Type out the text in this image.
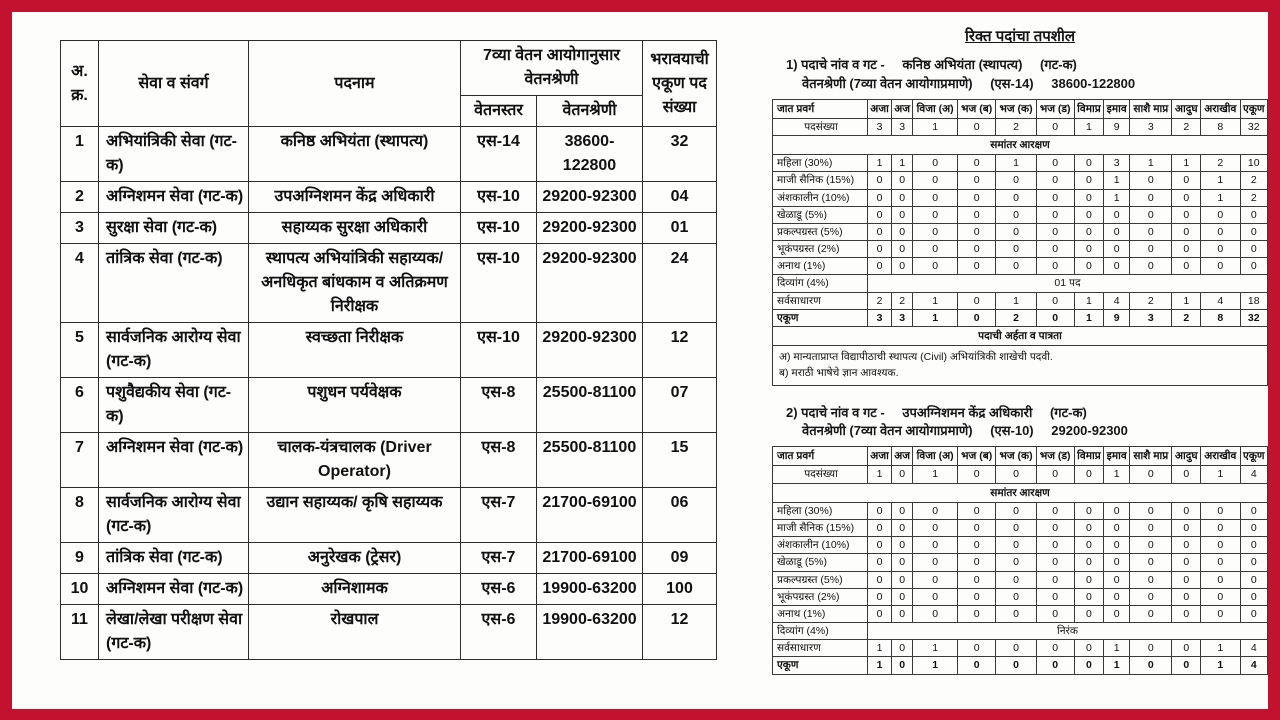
अ. क्र.	सेवा व संवर्ग	पदनाम	7व्या वेतन आयोगानुसार वेतनश्रेणी		भरावयाची एकूण पद संख्या
			वेतनस्तर	वेतनश्रेणी	
1	अभियांत्रिकी सेवा (गट-क)	कनिष्ठ अभियंता (स्थापत्य)	एस-14	38600-122800	32
2	अग्निशमन सेवा (गट-क)	उपअग्निशमन केंद्र अधिकारी	एस-10	29200-92300	04
3	सुरक्षा सेवा (गट-क)	सहाय्यक सुरक्षा अधिकारी	एस-10	29200-92300	01
4	तांत्रिक सेवा (गट-क)	स्थापत्य अभियांत्रिकी सहाय्यक/अनधिकृत बांधकाम व अतिक्रमण निरीक्षक	एस-10	29200-92300	24
5	सार्वजनिक आरोग्य सेवा (गट-क)	स्वच्छता निरीक्षक	एस-10	29200-92300	12
6	पशुवैद्यकीय सेवा (गट-क)	पशुधन पर्यवेक्षक	एस-8	25500-81100	07
7	अग्निशमन सेवा (गट-क)	चालक-यंत्रचालक (Driver Operator)	एस-8	25500-81100	15
8	सार्वजनिक आरोग्य सेवा (गट-क)	उद्यान सहाय्यक/ कृषि सहाय्यक	एस-7	21700-69100	06
9	तांत्रिक सेवा (गट-क)	अनुरेखक (ट्रेसर)	एस-7	21700-69100	09
10	अग्निशमन सेवा (गट-क)	अग्निशामक	एस-6	19900-63200	100
11	लेखा/लेखा परीक्षण सेवा (गट-क)	रोखपाल	एस-6	19900-63200	12
रिक्त पदांचा तपशील
1) पदाचे नांव व गट - कनिष्ठ अभियंता (स्थापत्य) (गट-क)
वेतनश्रेणी (7व्या वेतन आयोगाप्रमाणे) (एस-14) 38600-122800
जात प्रवर्ग	अजा	अज	विजा (अ)	भज (ब)	भज (क)	भज (ड)	विमाप्र	इमाव	साशै माप्र	आदुघ	अराखीव	एकूण
पदसंख्या	3	3	1	0	2	0	1	9	3	2	8	32
समांतर आरक्षण												
महिला (30%)	1	1	0	0	1	0	0	3	1	1	2	10
माजी सैनिक (15%)	0	0	0	0	0	0	0	1	0	0	1	2
अंशकालीन (10%)	0	0	0	0	0	0	0	1	0	0	1	2
खेळाडू (5%)	0	0	0	0	0	0	0	0	0	0	0	0
प्रकल्पग्रस्त (5%)	0	0	0	0	0	0	0	0	0	0	0	0
भूकंपग्रस्त (2%)	0	0	0	0	0	0	0	0	0	0	0	0
अनाथ (1%)	0	0	0	0	0	0	0	0	0	0	0	0
दिव्यांग (4%)	01 पद											
सर्वसाधारण	2	2	1	0	1	0	1	4	2	1	4	18
एकूण	3	3	1	0	2	0	1	9	3	2	8	32
पदाची अर्हता व पात्रता												

अ) मान्यताप्राप्त विद्यापीठाची स्थापत्य (Civil) अभियांत्रिकी शाखेची पदवी.
ब) मराठी भाषेचे ज्ञान आवश्यक.												
2) पदाचे नांव व गट - उपअग्निशमन केंद्र अधिकारी (गट-क)
वेतनश्रेणी (7व्या वेतन आयोगाप्रमाणे) (एस-10) 29200-92300
जात प्रवर्ग	अजा	अज	विजा (अ)	भज (ब)	भज (क)	भज (ड)	विमाप्र	इमाव	साशै माप्र	आदुघ	अराखीव	एकूण
पदसंख्या	1	0	1	0	0	0	0	1	0	0	1	4
समांतर आरक्षण												
महिला (30%)	0	0	0	0	0	0	0	0	0	0	0	0
माजी सैनिक (15%)	0	0	0	0	0	0	0	0	0	0	0	0
अंशकालीन (10%)	0	0	0	0	0	0	0	0	0	0	0	0
खेळाडू (5%)	0	0	0	0	0	0	0	0	0	0	0	0
प्रकल्पग्रस्त (5%)	0	0	0	0	0	0	0	0	0	0	0	0
भूकंपग्रस्त (2%)	0	0	0	0	0	0	0	0	0	0	0	0
अनाथ (1%)	0	0	0	0	0	0	0	0	0	0	0	0
दिव्यांग (4%)	निरंक											
सर्वसाधारण	1	0	1	0	0	0	0	1	0	0	1	4
एकूण	1	0	1	0	0	0	0	1	0	0	1	4
